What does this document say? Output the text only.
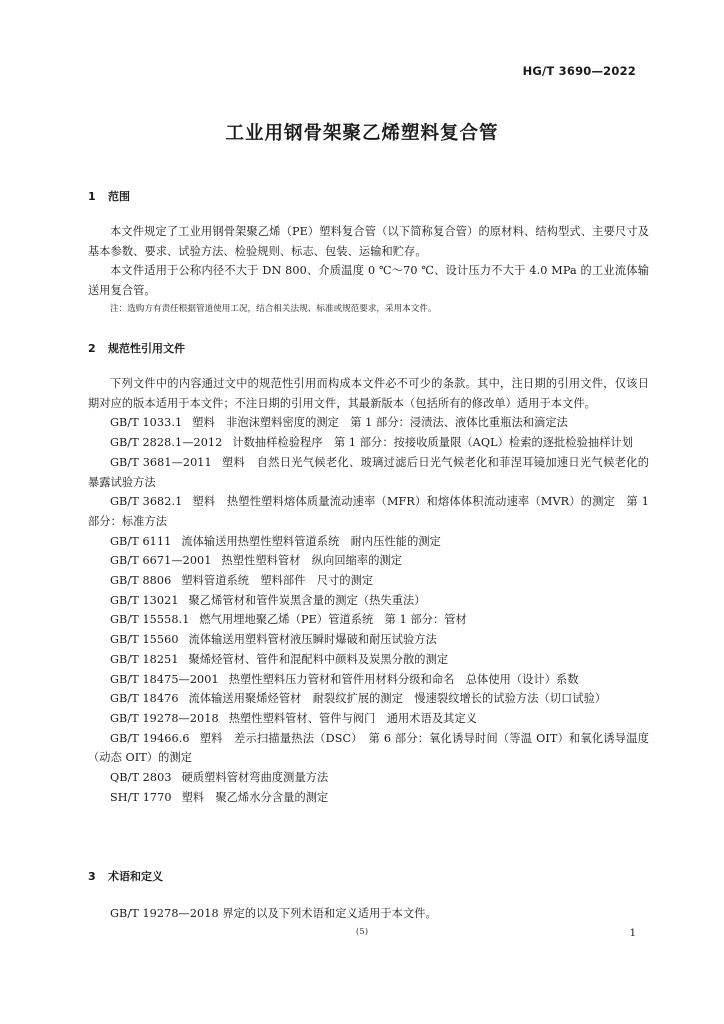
HG/T 3690—2022
工业用钢骨架聚乙烯塑料复合管
1 范围

本文件规定了工业用钢骨架聚乙烯（PE）塑料复合管（以下简称复合管）的原材料、结构型式、主要尺寸及基本参数、要求、试验方法、检验规则、标志、包装、运输和贮存。

本文件适用于公称内径不大于 DN 800、介质温度 0 ℃～70 ℃、设计压力不大于 4.0 MPa 的工业流体输送用复合管。

注：选购方有责任根据管道使用工况，结合相关法规、标准或规范要求，采用本文件。
2 规范性引用文件

下列文件中的内容通过文中的规范性引用而构成本文件必不可少的条款。其中，注日期的引用文件，仅该日期对应的版本适用于本文件；不注日期的引用文件，其最新版本（包括所有的修改单）适用于本文件。

GB/T 1033.1 塑料　非泡沫塑料密度的测定　第 1 部分：浸渍法、液体比重瓶法和滴定法

GB/T 2828.1—2012 计数抽样检验程序　第 1 部分：按接收质量限（AQL）检索的逐批检验抽样计划

GB/T 3681—2011 塑料　自然日光气候老化、玻璃过滤后日光气候老化和菲涅耳镜加速日光气候老化的暴露试验方法

GB/T 3682.1 塑料　热塑性塑料熔体质量流动速率（MFR）和熔体体积流动速率（MVR）的测定　第 1 部分：标准方法

GB/T 6111 流体输送用热塑性塑料管道系统　耐内压性能的测定

GB/T 6671—2001 热塑性塑料管材　纵向回缩率的测定

GB/T 8806 塑料管道系统　塑料部件　尺寸的测定

GB/T 13021 聚乙烯管材和管件炭黑含量的测定（热失重法）

GB/T 15558.1 燃气用埋地聚乙烯（PE）管道系统　第 1 部分：管材

GB/T 15560 流体输送用塑料管材液压瞬时爆破和耐压试验方法

GB/T 18251 聚烯烃管材、管件和混配料中颜料及炭黑分散的测定

GB/T 18475—2001 热塑性塑料压力管材和管件用材料分级和命名　总体使用（设计）系数

GB/T 18476 流体输送用聚烯烃管材　耐裂纹扩展的测定　慢速裂纹增长的试验方法（切口试验）

GB/T 19278—2018 热塑性塑料管材、管件与阀门　通用术语及其定义

GB/T 19466.6 塑料　差示扫描量热法（DSC）　第 6 部分：氧化诱导时间（等温 OIT）和氧化诱导温度（动态 OIT）的测定

QB/T 2803 硬质塑料管材弯曲度测量方法

SH/T 1770 塑料　聚乙烯水分含量的测定

3 术语和定义

GB/T 19278—2018 界定的以及下列术语和定义适用于本文件。

(5)	1
